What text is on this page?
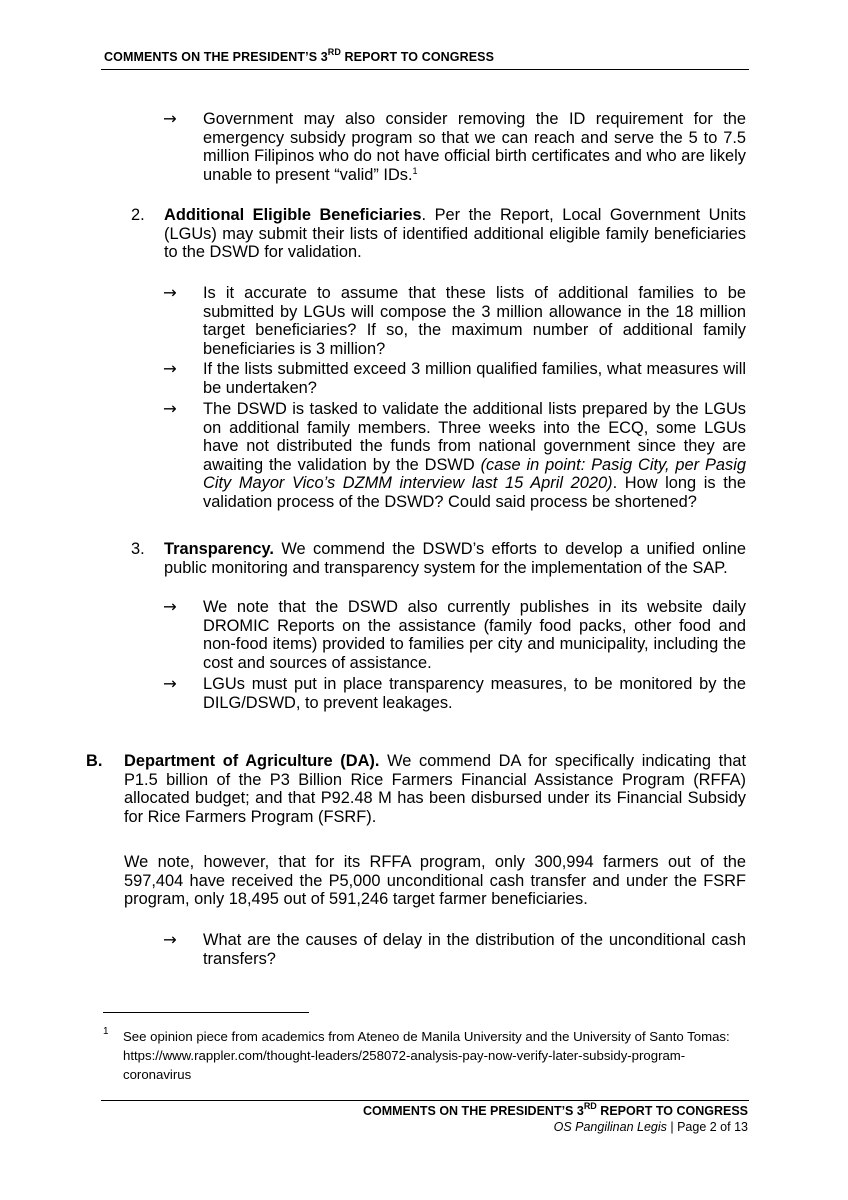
COMMENTS ON THE PRESIDENT’S 3RD REPORT TO CONGRESS
→ Government may also consider removing the ID requirement for the emergency subsidy program so that we can reach and serve the 5 to 7.5 million Filipinos who do not have official birth certificates and who are likely unable to present “valid” IDs.$^1$

2. Additional Eligible Beneficiaries. Per the Report, Local Government Units (LGUs) may submit their lists of identified additional eligible family beneficiaries to the DSWD for validation.

→ Is it accurate to assume that these lists of additional families to be submitted by LGUs will compose the 3 million allowance in the 18 million target beneficiaries? If so, the maximum number of additional family beneficiaries is 3 million?

→ If the lists submitted exceed 3 million qualified families, what measures will be undertaken?

→ The DSWD is tasked to validate the additional lists prepared by the LGUs on additional family members. Three weeks into the ECQ, some LGUs have not distributed the funds from national government since they are awaiting the validation by the DSWD (case in point: Pasig City, per Pasig City Mayor Vico’s DZMM interview last 15 April 2020). How long is the validation process of the DSWD? Could said process be shortened?

3. Transparency. We commend the DSWD’s efforts to develop a unified online public monitoring and transparency system for the implementation of the SAP.

→ We note that the DSWD also currently publishes in its website daily DROMIC Reports on the assistance (family food packs, other food and non-food items) provided to families per city and municipality, including the cost and sources of assistance.

→ LGUs must put in place transparency measures, to be monitored by the DILG/DSWD, to prevent leakages.

B. Department of Agriculture (DA). We commend DA for specifically indicating that P1.5 billion of the P3 Billion Rice Farmers Financial Assistance Program (RFFA) allocated budget; and that P92.48 M has been disbursed under its Financial Subsidy for Rice Farmers Program (FSRF).

We note, however, that for its RFFA program, only 300,994 farmers out of the 597,404 have received the P5,000 unconditional cash transfer and under the FSRF program, only 18,495 out of 591,246 target farmer beneficiaries.

→ What are the causes of delay in the distribution of the unconditional cash transfers?

1 See opinion piece from academics from Ateneo de Manila University and the University of Santo Tomas: https://www.rappler.com/thought-leaders/258072-analysis-pay-now-verify-later-subsidy-program-coronavirus
COMMENTS ON THE PRESIDENT’S 3RD REPORT TO CONGRESS
OS Pangilinan Legis | Page 2 of 13
